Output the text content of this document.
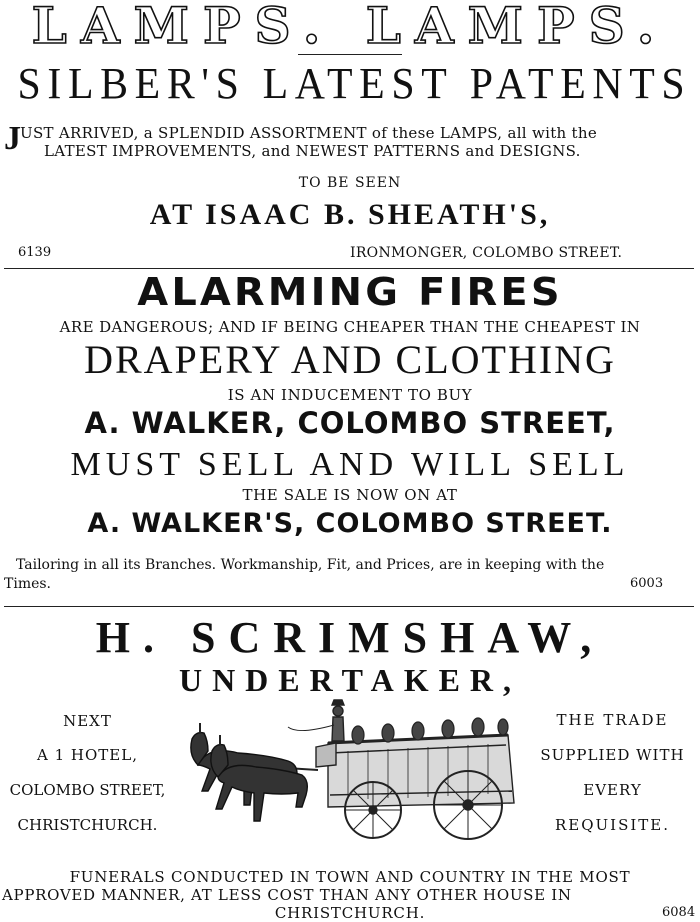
LAMPS. LAMPS.
SILBER'S LATEST PATENTS
J UST ARRIVED, a SPLENDID ASSORTMENT of these LAMPS, all with the
LATEST IMPROVEMENTS, and NEWEST PATTERNS and DESIGNS.
TO BE SEEN
AT ISAAC B. SHEATH'S,
6139	IRONMONGER, COLOMBO STREET.
ALARMING FIRES
ARE DANGEROUS; AND IF BEING CHEAPER THAN THE CHEAPEST IN
DRAPERY AND CLOTHING
IS AN INDUCEMENT TO BUY
A. WALKER, COLOMBO STREET,
MUST SELL AND WILL SELL
THE SALE IS NOW ON AT
A. WALKER'S, COLOMBO STREET.
Tailoring in all its Branches. Workmanship, Fit, and Prices, are in keeping with the
Times.	6003
H. SCRIMSHAW,
UNDERTAKER,
NEXT
A 1 HOTEL,
COLOMBO STREET,
CHRISTCHURCH.
THE TRADE
SUPPLIED WITH
EVERY
REQUISITE.
FUNERALS CONDUCTED IN TOWN AND COUNTRY IN THE MOST
APPROVED MANNER, AT LESS COST THAN ANY OTHER HOUSE IN
CHRISTCHURCH.	6084
